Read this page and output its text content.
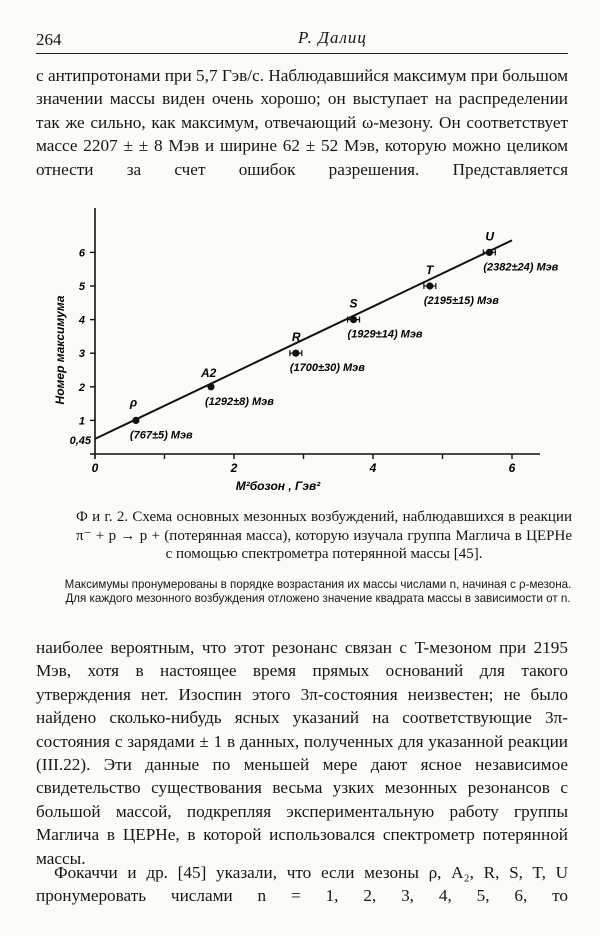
264	Р. Далиц
с антипротонами при 5,7 Гэв/с. Наблюдавшийся максимум при большом значении массы виден очень хорошо; он выступает на распределении так же сильно, как максимум, отвечающий ω-мезону. Он соответствует массе 2207 ± ± 8 Мэв и ширине 62 ± 52 Мэв, которую можно целиком отнести за счет ошибок разрешения. Представляется
1
2
3
4
5
6
0	2	4	6
ρ
(767±5) Мэв
A2
(1292±8) Мэв
R
(1700±30) Мэв
S
(1929±14) Мэв
T
(2195±15) Мэв
U
(2382±24) Мэв
Номер максимума
M²бозон , Гэв²
0,45
Ф и г. 2. Схема основных мезонных возбуждений, наблюдавшихся в реакции π⁻ + p → p + (потерянная масса), которую изучала группа Маглича в ЦЕРНе с помощью спектрометра потерянной массы [45].
Максимумы пронумерованы в порядке возрастания их массы числами n, начиная с ρ-мезона. Для каждого мезонного возбуждения отложено значение квадрата массы в зависимости от n.
наиболее вероятным, что этот резонанс связан с T-мезоном при 2195 Мэв, хотя в настоящее время прямых оснований для такого утверждения нет. Изоспин этого 3π-состояния неизвестен; не было найдено сколько-нибудь ясных указаний на соответствующие 3π-состояния с зарядами ± 1 в данных, полученных для указанной реакции (III.22). Эти данные по меньшей мере дают ясное независимое свидетельство существования весьма узких мезонных резонансов с большой массой, подкрепляя экспериментальную работу группы Маглича в ЦЕРНе, в которой использовался спектрометр потерянной массы.
Фокаччи и др. [45] указали, что если мезоны ρ, A₂, R, S, T, U пронумеровать числами n = 1, 2, 3, 4, 5, 6, то
